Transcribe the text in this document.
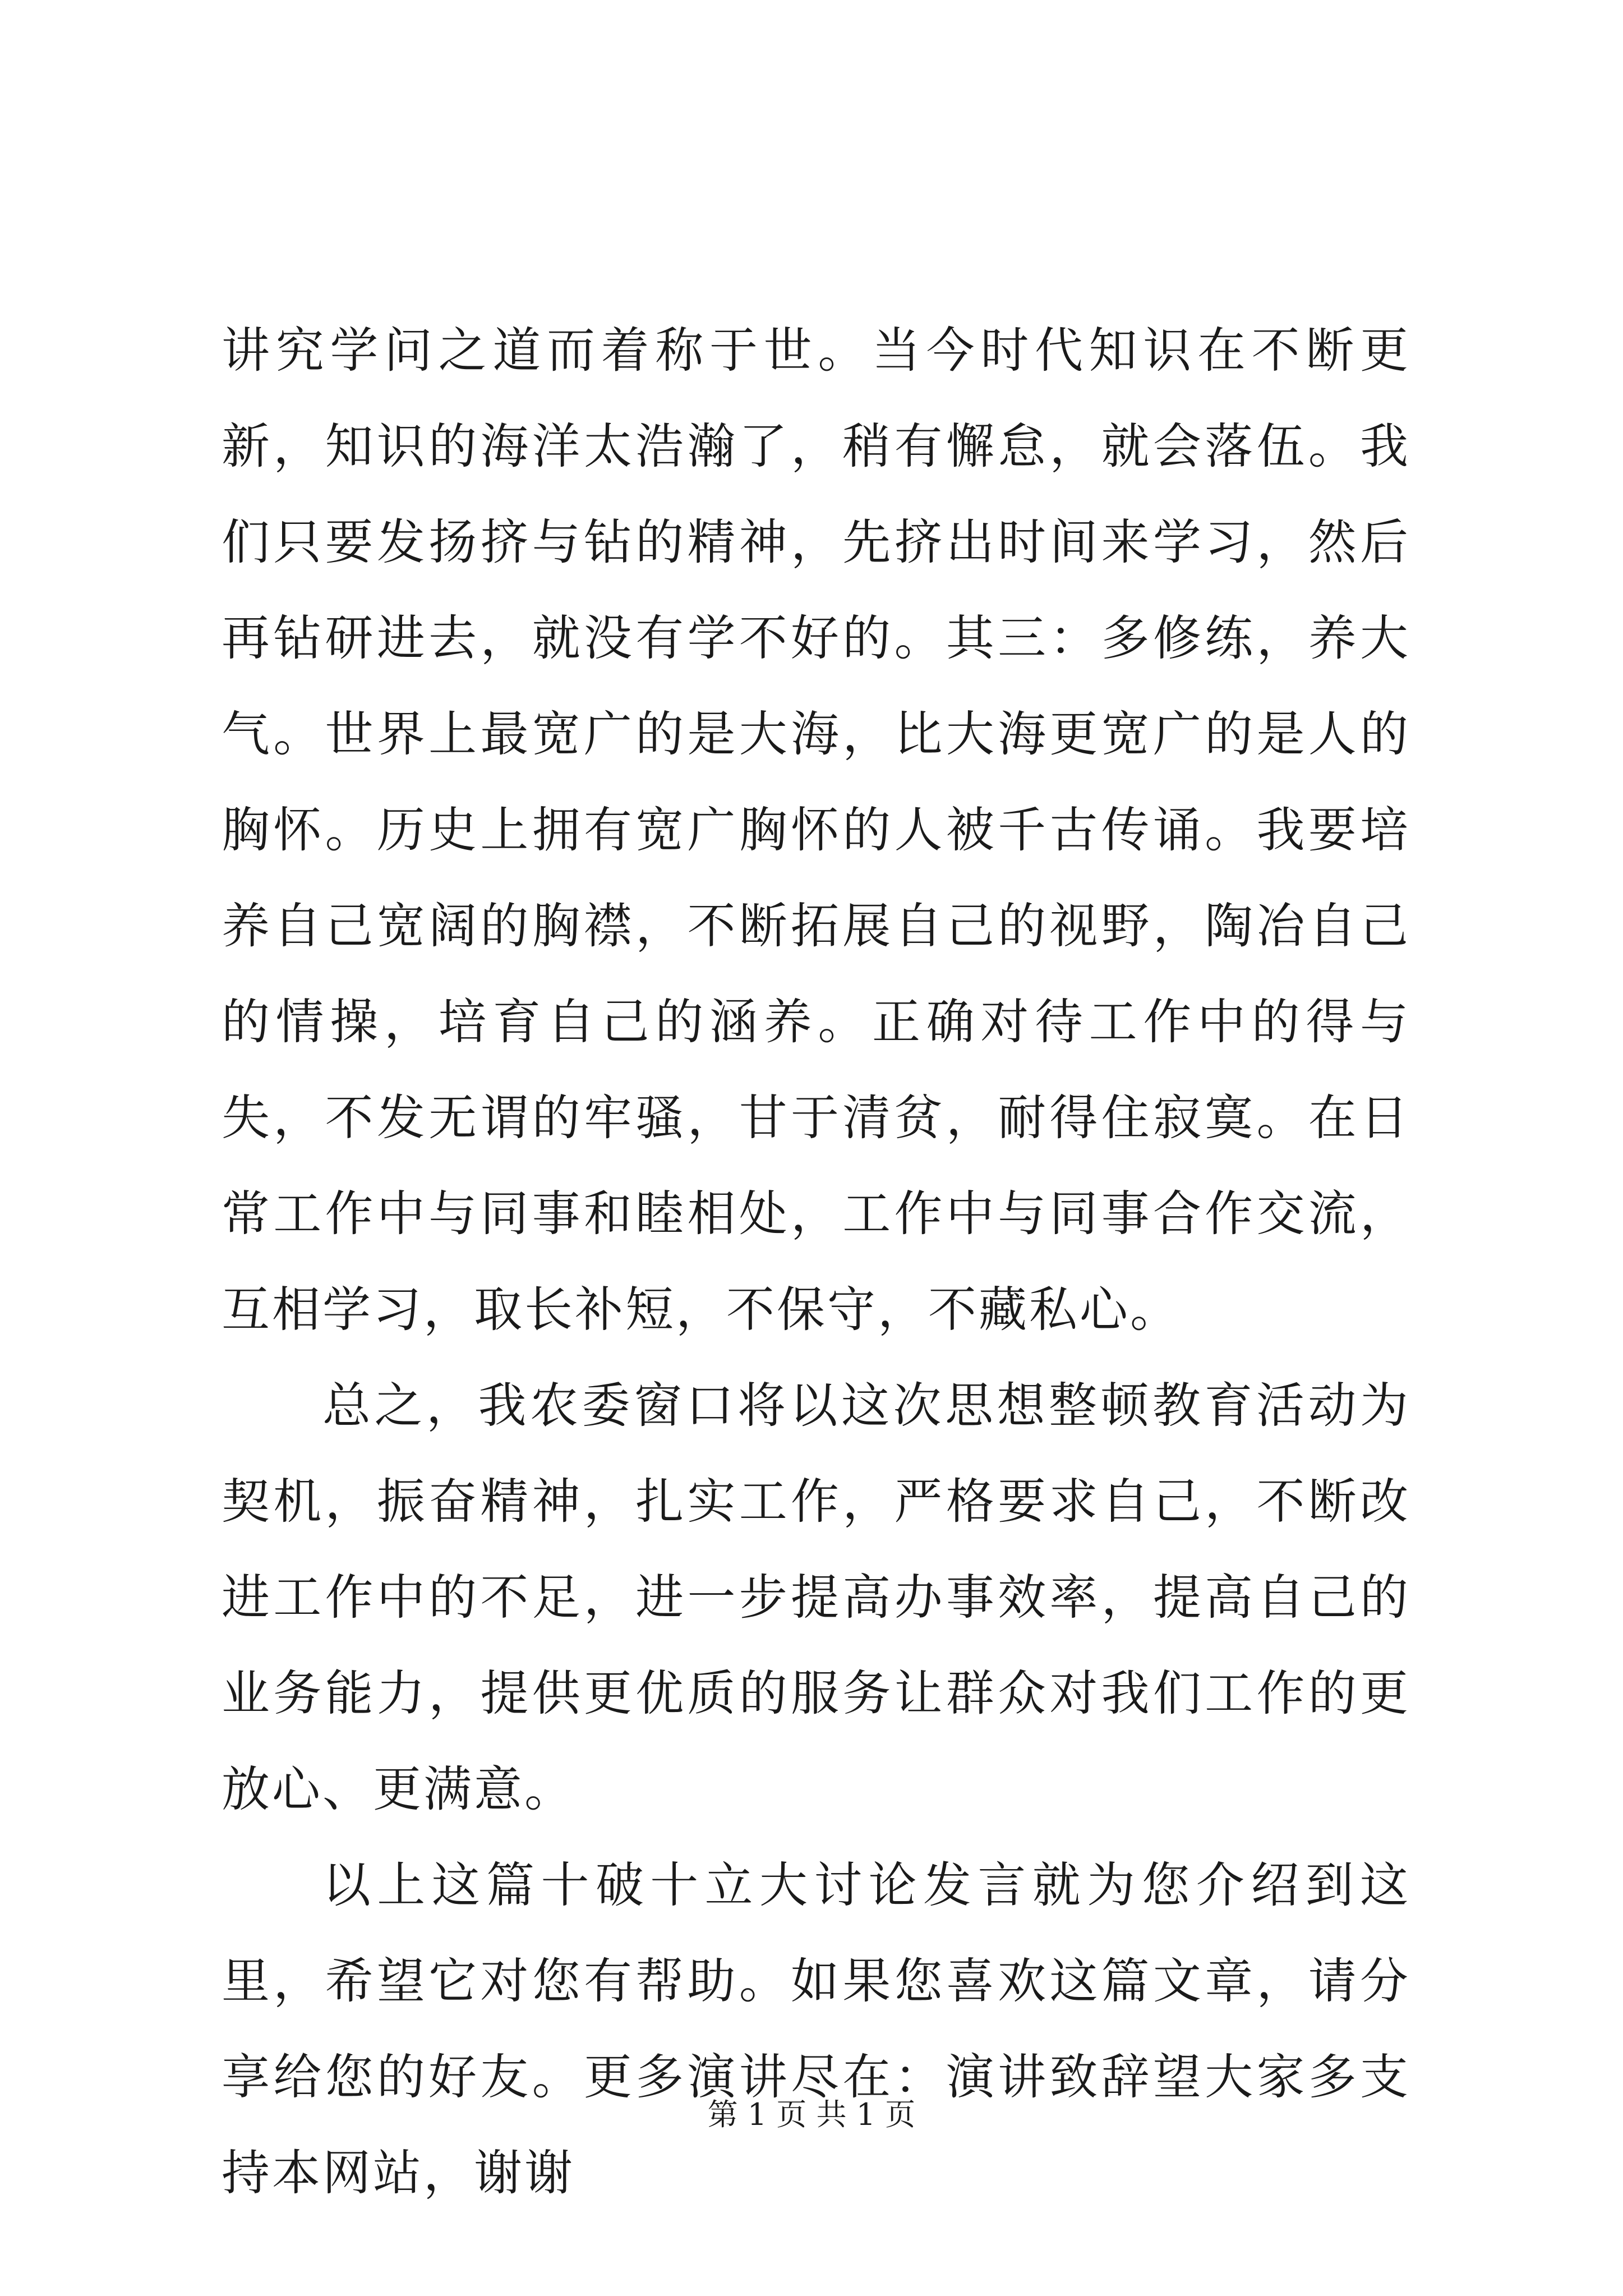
讲究学问之道而着称于世。当今时代知识在不断更新，知识的海洋太浩瀚了，稍有懈怠，就会落伍。我们只要发扬挤与钻的精神，先挤出时间来学习，然后再钻研进去，就没有学不好的。其三：多修练，养大气。世界上最宽广的是大海，比大海更宽广的是人的胸怀。历史上拥有宽广胸怀的人被千古传诵。我要培养自己宽阔的胸襟，不断拓展自己的视野，陶冶自己的情操，培育自己的涵养。正确对待工作中的得与失，不发无谓的牢骚，甘于清贫，耐得住寂寞。在日常工作中与同事和睦相处，工作中与同事合作交流，互相学习，取长补短，不保守，不藏私心。

总之，我农委窗口将以这次思想整顿教育活动为契机，振奋精神，扎实工作，严格要求自己，不断改进工作中的不足，进一步提高办事效率，提高自己的业务能力，提供更优质的服务让群众对我们工作的更放心、更满意。

以上这篇十破十立大讨论发言就为您介绍到这里，希望它对您有帮助。如果您喜欢这篇文章，请分享给您的好友。更多演讲尽在：演讲致辞望大家多支持本网站，谢谢

第 1 页 共 1 页
